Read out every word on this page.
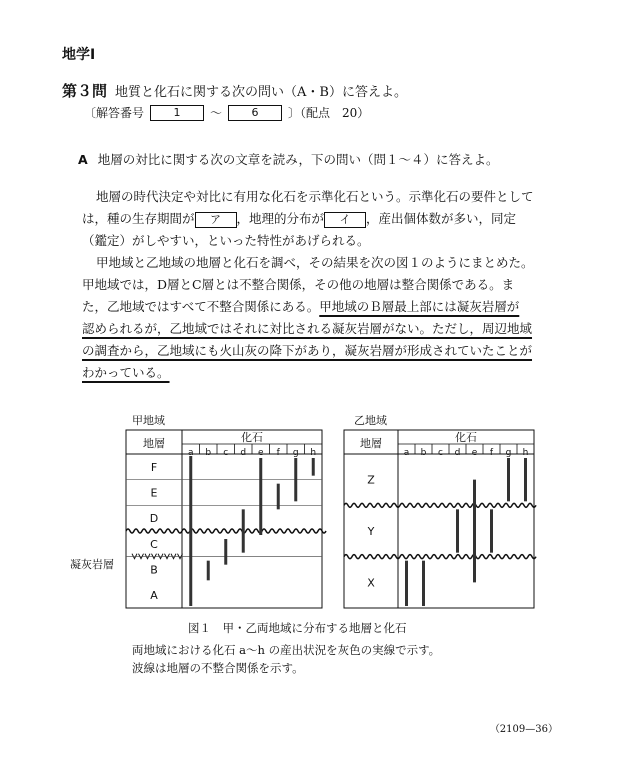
地学Ⅰ
第３問 地質と化石に関する次の問い（A・B）に答えよ。
〔解答番号	1	〜	6	〕（配点　20）
A 地層の対比に関する次の文章を読み，下の問い（問１〜４）に答えよ。

地層の時代決定や対比に有用な化石を示準化石という。示準化石の要件として

は，種の生存期間が ア ，地理的分布が イ ，産出個体数が多い，同定

（鑑定）がしやすい，といった特性があげられる。

甲地域と乙地域の地層と化石を調べ，その結果を次の図１のようにまとめた。

甲地域では，D層とC層とは不整合関係，その他の地層は整合関係である。ま

た，乙地域ではすべて不整合関係にある。甲地域のＢ層最上部には凝灰岩層が

認められるが，乙地域ではそれに対比される凝灰岩層がない。ただし，周辺地域

の調査から，乙地域にも火山灰の降下があり，凝灰岩層が形成されていたことが

わかっている。

甲地域	乙地域
凝灰岩層
地層	化石
a b c d e f g h
F
E
D
C
B
A
地層	化石
a b c d e f g h
Z
Y
X
図１　甲・乙両地域に分布する地層と化石
両地域における化石 a〜h の産出状況を灰色の実線で示す。
波線は地層の不整合関係を示す。
（2109—36）
